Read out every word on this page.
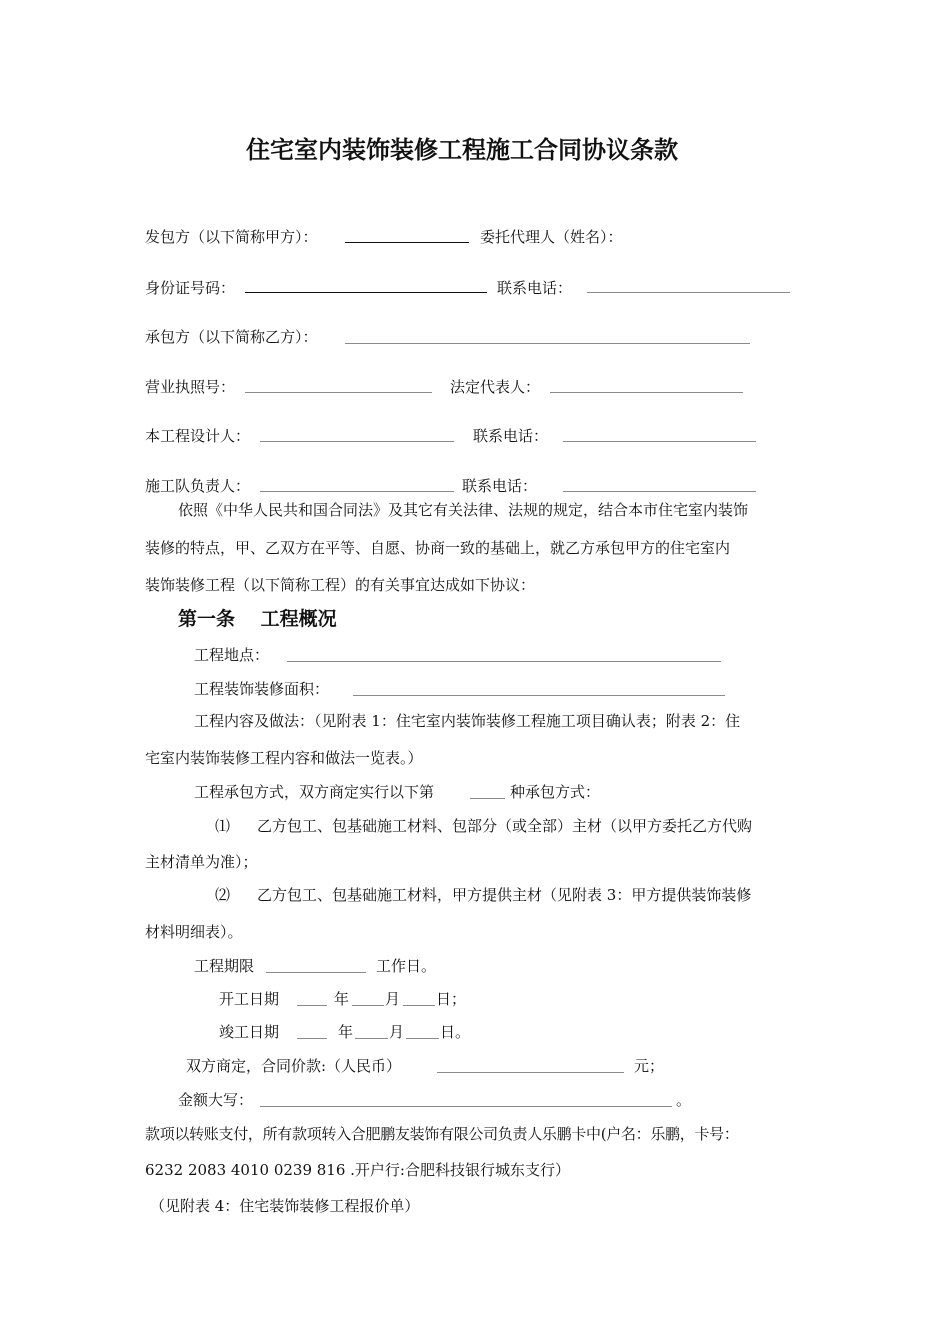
住宅室内装饰装修工程施工合同协议条款
发包方（以下简称甲方）：	委托代理人（姓名）：
身份证号码：	联系电话：
承包方（以下简称乙方）：
营业执照号：	法定代表人：
本工程设计人：	联系电话：
施工队负责人：	联系电话：
依照《中华人民共和国合同法》及其它有关法律、法规的规定，结合本市住宅室内装饰
装修的特点，甲、乙双方在平等、自愿、协商一致的基础上，就乙方承包甲方的住宅室内
装饰装修工程（以下简称工程）的有关事宜达成如下协议：
第一条　 工程概况
工程地点：
工程装饰装修面积：
工程内容及做法：（见附表 1：住宅室内装饰装修工程施工项目确认表；附表 2：住
宅室内装饰装修工程内容和做法一览表。）
工程承包方式，双方商定实行以下第	种承包方式：
⑴ 乙方包工、包基础施工材料、包部分（或全部）主材（以甲方委托乙方代购
主材清单为准）；
⑵ 乙方包工、包基础施工材料，甲方提供主材（见附表 3：甲方提供装饰装修
材料明细表）。
工程期限	工作日。
开工日期	年 月 日 ；
竣工日期	年 月 日 。
双方商定，合同价款:（人民币）	元；
金额大写：	。
款项以转账支付，所有款项转入合肥鹏友装饰有限公司负责人乐鹏卡中(户名：乐鹏，卡号：
6232 2083 4010 0239 816 .开户行:合肥科技银行城东支行）
（见附表 4：住宅装饰装修工程报价单）
